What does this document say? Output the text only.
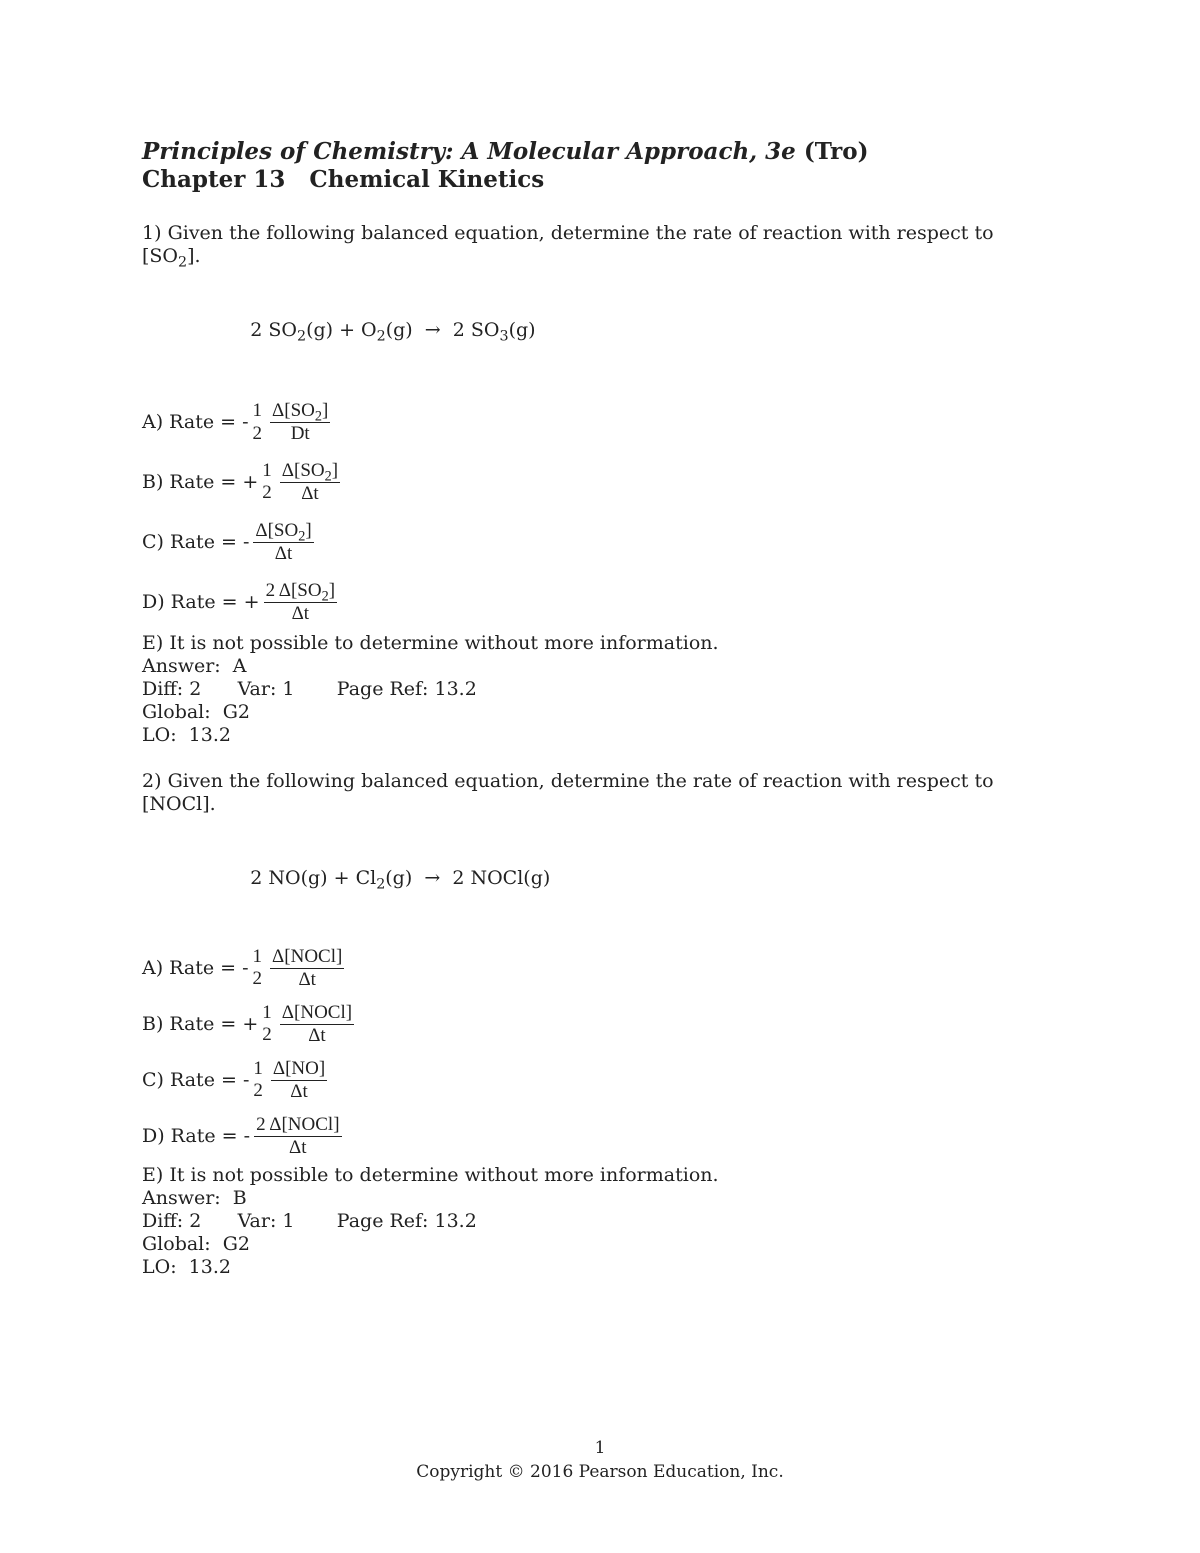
Principles of Chemistry: A Molecular Approach, 3e (Tro)
Chapter 13   Chemical Kinetics
1) Given the following balanced equation, determine the rate of reaction with respect to
$[SO_2]$.

2 $SO_2(g) + O_2(g) \to 2$ $SO_3(g)$

A) Rate = -
1
$2 \frac{\Delta[SO_2]}{Dt}$
B) Rate = + 1
$2 \frac{\Delta[SO_2]}{\Delta t}$
C) Rate = - $\frac{\Delta[SO_2]}{\Delta t}$
D) Rate = + $\frac{2 \Delta[SO_2]}{\Delta t}$
E) It is not possible to determine without more information.
Answer:  A
Diff: 2      Var: 1       Page Ref: 13.2
Global:  G2
LO:  13.2
2) Given the following balanced equation, determine the rate of reaction with respect to
[NOCl].

2 $NO(g) + Cl_2(g) \to 2$ NOCl(g)

A) Rate = - 1
$2 \frac{\text{Δ[NOCl]}}{\Delta t}$
B) Rate = + 1
$2 \frac{\text{Δ[NOCl]}}{\Delta t}$
C) Rate = - 1
$2 \frac{\Delta[NO]}{\Delta t}$
D) Rate = - $\frac{\text{2 Δ[NOCl]}}{\Delta t}$
E) It is not possible to determine without more information.
Answer:  B
Diff: 2      Var: 1       Page Ref: 13.2
Global:  G2
LO:  13.2
1
Copyright © 2016 Pearson Education, Inc.
